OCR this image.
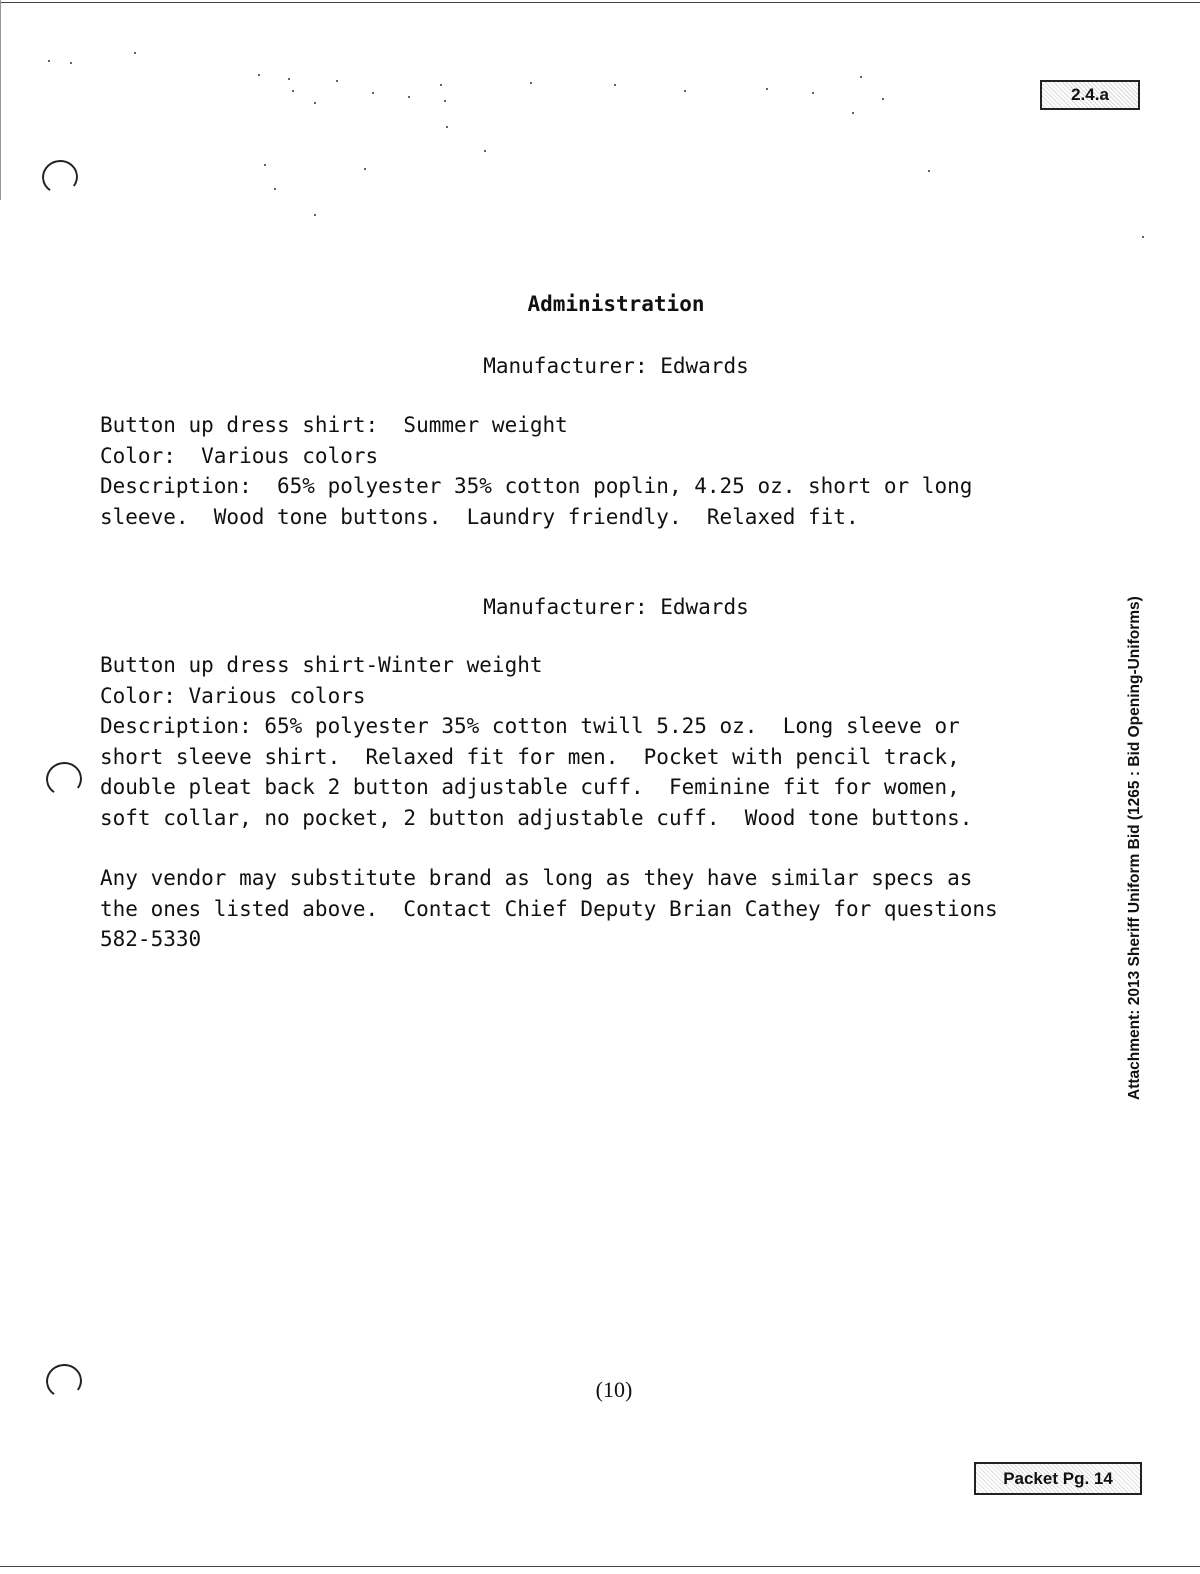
2.4.a
Administration
Manufacturer: Edwards
Button up dress shirt:  Summer weight
Color:  Various colors
Description:  65% polyester 35% cotton poplin, 4.25 oz. short or long
sleeve.  Wood tone buttons.  Laundry friendly.  Relaxed fit.
Manufacturer: Edwards
Button up dress shirt-Winter weight
Color: Various colors
Description: 65% polyester 35% cotton twill 5.25 oz.  Long sleeve or
short sleeve shirt.  Relaxed fit for men.  Pocket with pencil track,
double pleat back 2 button adjustable cuff.  Feminine fit for women,
soft collar, no pocket, 2 button adjustable cuff.  Wood tone buttons.
Any vendor may substitute brand as long as they have similar specs as
the ones listed above.  Contact Chief Deputy Brian Cathey for questions
582-5330	Attachment: 2013 Sheriff Uniform Bid (1265 : Bid Opening-Uniforms)
(10)
Packet Pg. 14
